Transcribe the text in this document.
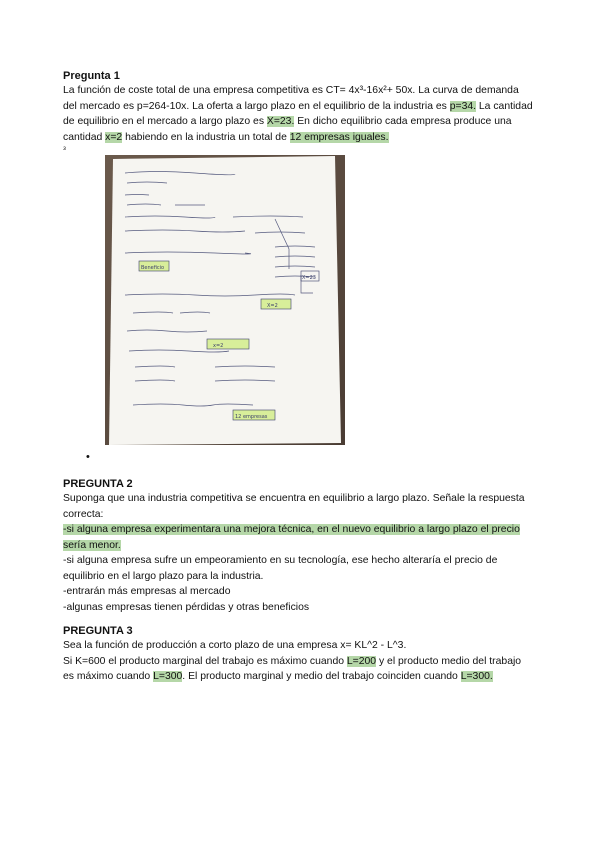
Pregunta 1

La función de coste total de una empresa competitiva es CT= 4x³-16x²+ 50x. La curva de demanda del mercado es p=264-10x. La oferta a largo plazo en el equilibrio de la industria es p=34. La cantidad de equilibrio en el mercado a largo plazo es X=23. En dicho equilibrio cada empresa produce una cantidad x=2 habiendo en la industria un total de 12 empresas iguales.

ᵌ

Beneficio
X=2
X=23
12 empresas
x=2
•

PREGUNTA 2

Suponga que una industria competitiva se encuentra en equilibrio a largo plazo. Señale la respuesta correcta:

-si alguna empresa experimentara una mejora técnica, en el nuevo equilibrio a largo plazo el precio sería menor.

-si alguna empresa sufre un empeoramiento en su tecnología, ese hecho alteraría el precio de equilibrio en el largo plazo para la industria.

-entrarán más empresas al mercado

-algunas empresas tienen pérdidas y otras beneficios

PREGUNTA 3

Sea la función de producción a corto plazo de una empresa x= KL^2 - L^3.

Si K=600 el producto marginal del trabajo es máximo cuando L=200 y el producto medio del trabajo es máximo cuando L=300. El producto marginal y medio del trabajo coinciden cuando L=300.
